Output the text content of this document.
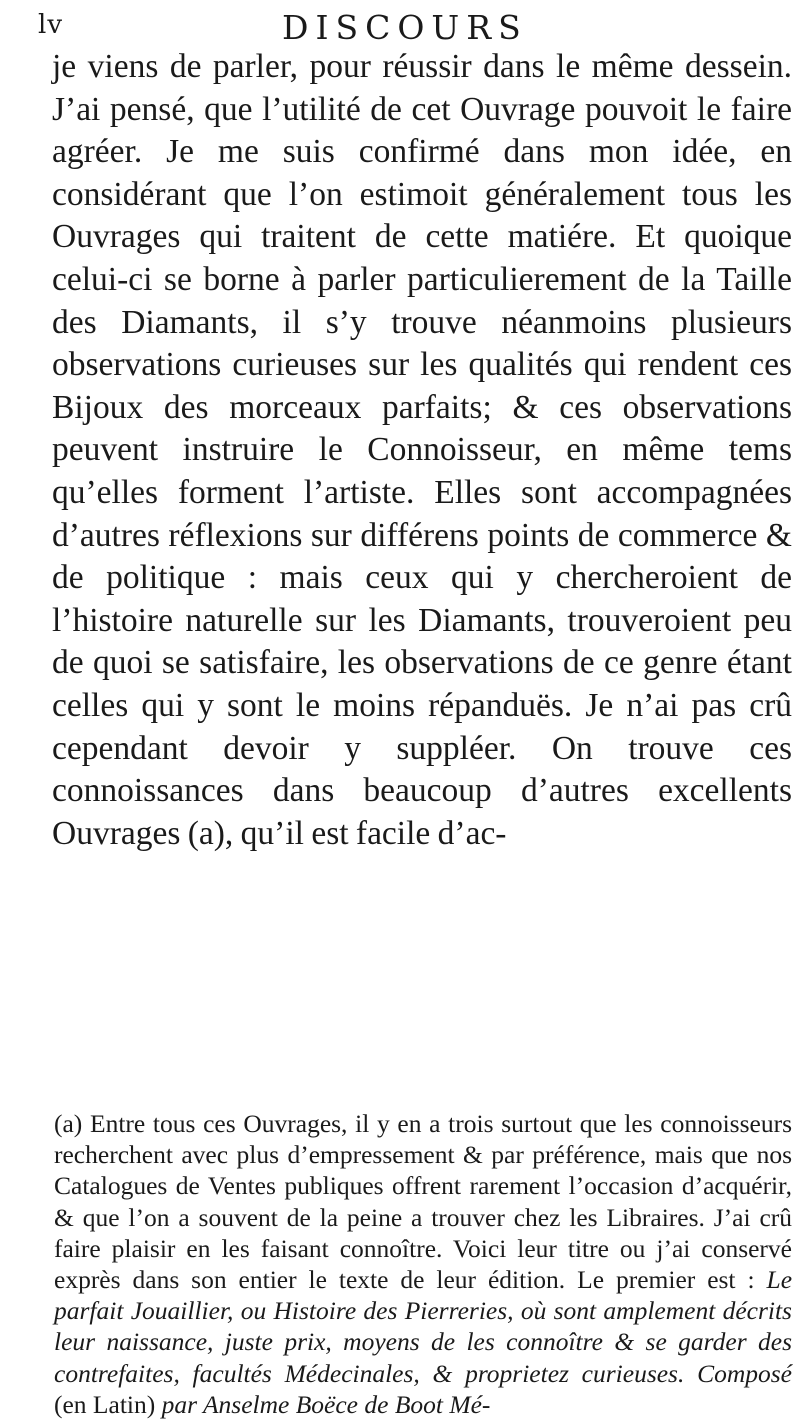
lv	DISCOURS

je viens de parler, pour réussir dans le même dessein. J’ai pensé, que l’utilité de cet Ouvrage pouvoit le faire agréer. Je me suis confirmé dans mon idée, en considérant que l’on estimoit généralement tous les Ouvrages qui traitent de cette matiére. Et quoique celui-ci se borne à parler particulierement de la Taille des Diamants, il s’y trouve néanmoins plusieurs observations curieuses sur les qualités qui rendent ces Bijoux des morceaux parfaits; & ces observations peuvent instruire le Connoisseur, en même tems qu’elles forment l’artiste. Elles sont accompagnées d’autres réflexions sur différens points de commerce & de politique : mais ceux qui y chercheroient de l’histoire naturelle sur les Diamants, trouveroient peu de quoi se satisfaire, les observations de ce genre étant celles qui y sont le moins répanduës. Je n’ai pas crû cependant devoir y suppléer. On trouve ces connoissances dans beaucoup d’autres excellents Ouvrages (a), qu’il est facile d’ac-

(a) Entre tous ces Ouvrages, il y en a trois surtout que les connoisseurs recherchent avec plus d’empressement & par préférence, mais que nos Catalogues de Ventes publiques offrent rarement l’occasion d’acquérir, & que l’on a souvent de la peine a trouver chez les Libraires. J’ai crû faire plaisir en les faisant connoître. Voici leur titre ou j’ai conservé exprès dans son entier le texte de leur édition. Le premier est : Le parfait Jouaillier, ou Histoire des Pierreries, où sont amplement décrits leur naissance, juste prix, moyens de les connoître & se garder des contrefaites, facultés Médecinales, & proprietez curieuses. Composé (en Latin) par Anselme Boëce de Boot Mé-
